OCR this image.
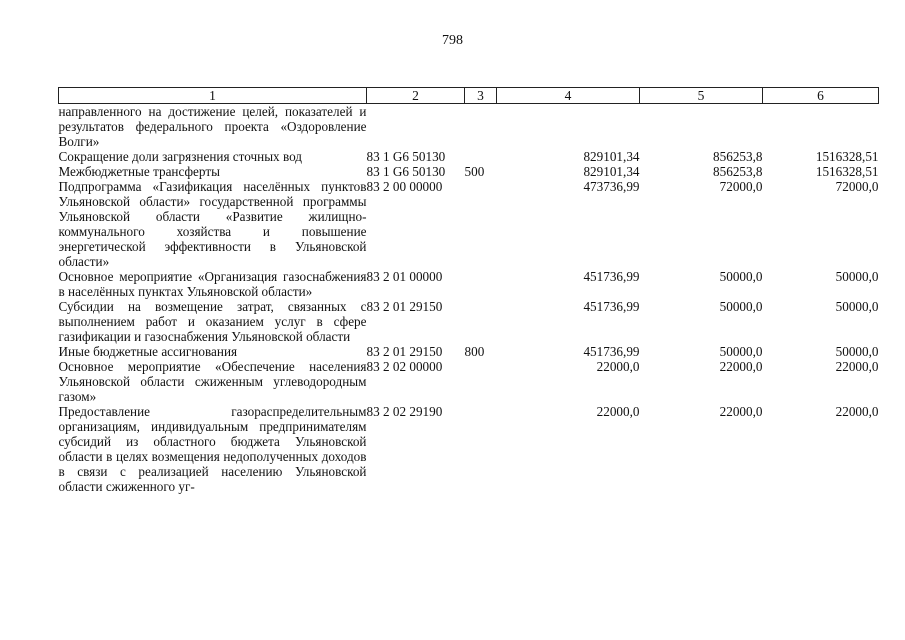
798
1	2	3	4	5	6
направленного на достижение целей, показателей и результатов федерального проекта «Оздоровление Волги»					
Сокращение доли загрязнения сточных вод	83 1 G6 50130		829101,34	856253,8	1516328,51
Межбюджетные трансферты	83 1 G6 50130	500	829101,34	856253,8	1516328,51
Подпрограмма «Газификация населённых пунктов Ульяновской области» государственной программы Ульяновской области «Развитие жилищно-коммунального хозяйства и повышение энергетической эффективности в Ульяновской области»	83 2 00 00000		473736,99	72000,0	72000,0
Основное мероприятие «Организация газоснабжения в населённых пунктах Ульяновской области»	83 2 01 00000		451736,99	50000,0	50000,0
Субсидии на возмещение затрат, связанных с выполнением работ и оказанием услуг в сфере газификации и газоснабжения Ульяновской области	83 2 01 29150		451736,99	50000,0	50000,0
Иные бюджетные ассигнования	83 2 01 29150	800	451736,99	50000,0	50000,0
Основное мероприятие «Обеспечение населения Ульяновской области сжиженным углеводородным газом»	83 2 02 00000		22000,0	22000,0	22000,0
Предоставление газораспределительным организациям, индивидуальным предпринимателям субсидий из областного бюджета Ульяновской области в целях возмещения недополученных доходов в связи с реализацией населению Ульяновской области сжиженного уг-	83 2 02 29190		22000,0	22000,0	22000,0
